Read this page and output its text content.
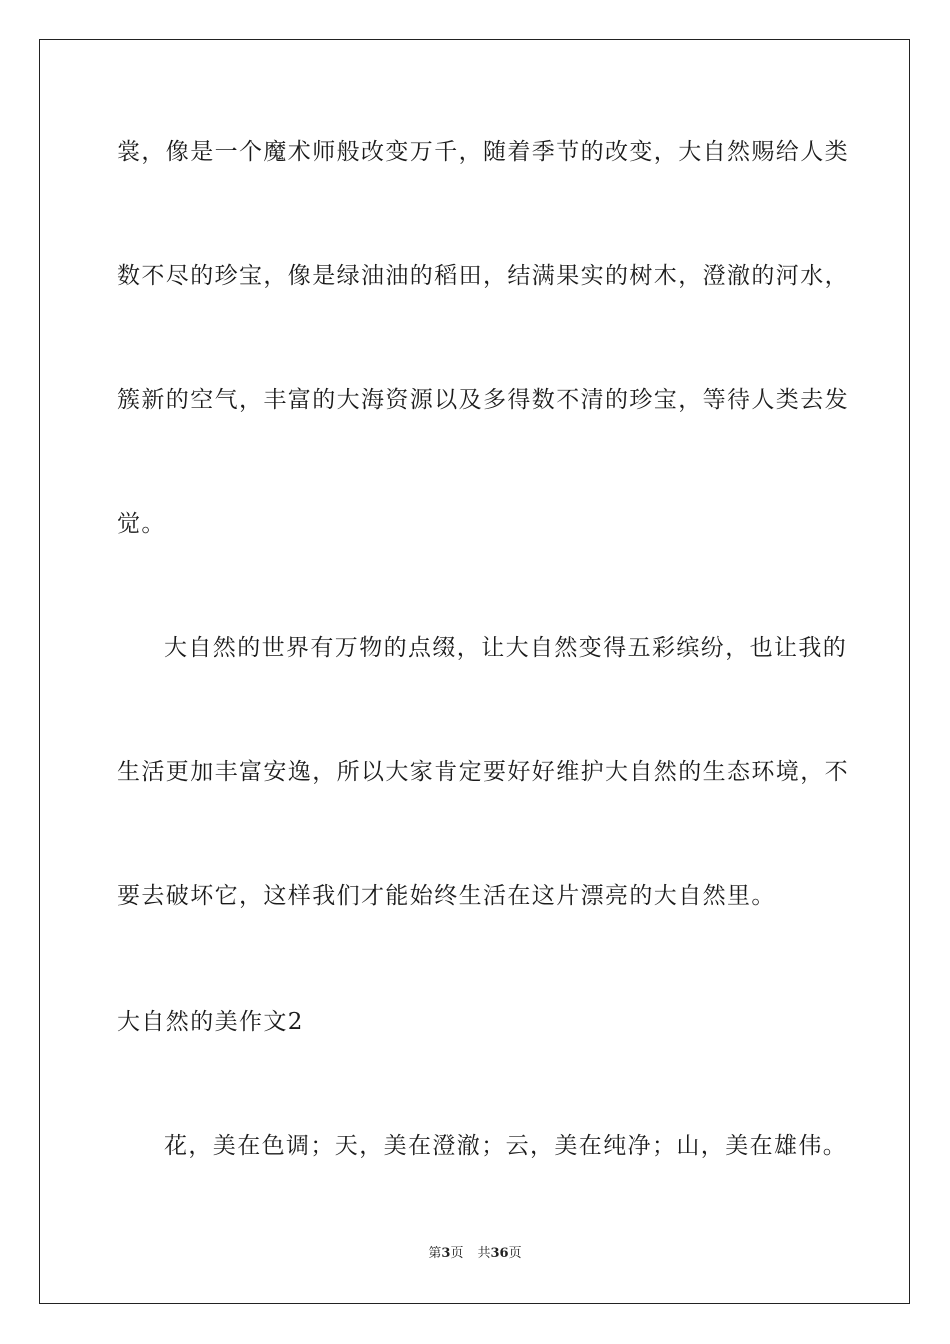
裳，像是一个魔术师般改变万千，随着季节的改变，大自然赐给人类
数不尽的珍宝，像是绿油油的稻田，结满果实的树木，澄澈的河水，
簇新的空气，丰富的大海资源以及多得数不清的珍宝，等待人类去发
觉。
大自然的世界有万物的点缀，让大自然变得五彩缤纷，也让我的
生活更加丰富安逸，所以大家肯定要好好维护大自然的生态环境，不
要去破坏它，这样我们才能始终生活在这片漂亮的大自然里。
大自然的美作文2
花，美在色调；天，美在澄澈；云，美在纯净；山，美在雄伟。
第3页 共36页
